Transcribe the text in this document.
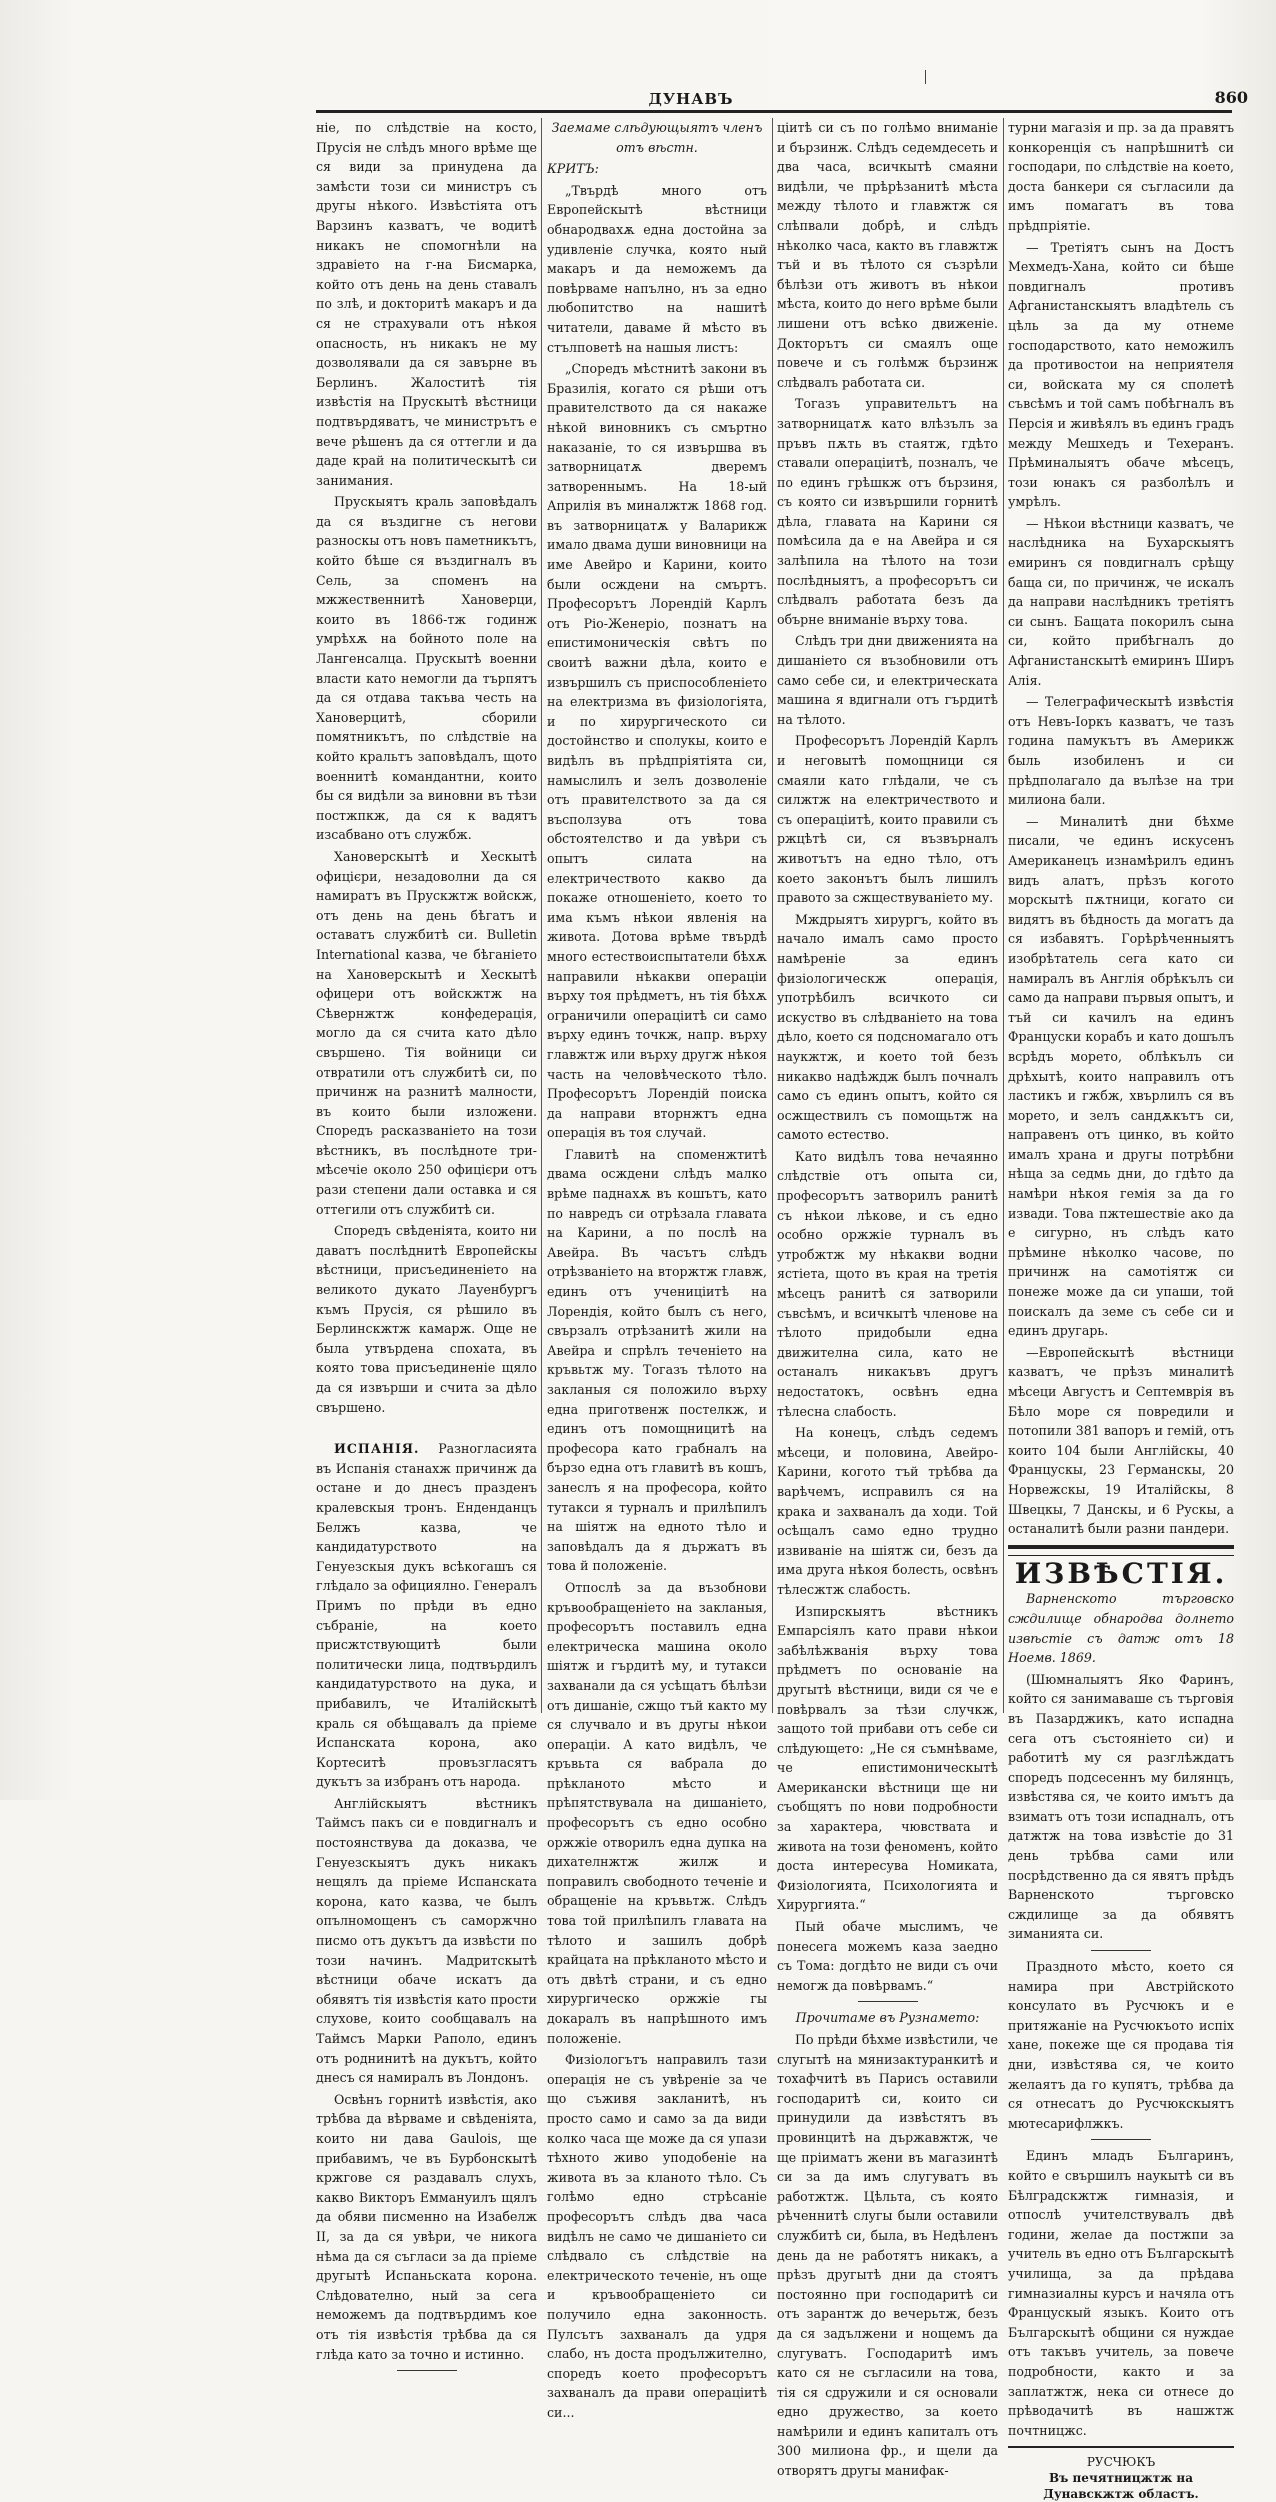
ДУНАВЪ	860

ніе, по слѣдствіе на косто, Прусія не слѣдъ много врѣме ще ся види за принудена да замѣсти този си министръ съ другы нѣкого. Извѣстіята отъ Варзинъ казватъ, че водитѣ никакъ не спомогнѣли на здравіето на г-на Бисмарка, който отъ день на день ставалъ по злѣ, и докторитѣ макаръ и да ся не страхували отъ нѣкоя опасность, нъ никакъ не му дозволявали да ся завърне въ Берлинъ. Жалоститѣ тія извѣстія на Прускытѣ вѣстници подтвърдяватъ, че министрътъ е вече рѣшенъ да ся оттегли и да даде край на политическытѣ си занимания.

Прускыятъ краль заповѣдалъ да ся въздигне съ негови разноскы отъ новъ паметникътъ, който бѣше ся въздигналъ въ Сель, за споменъ на мжжественнитѣ Хановерци, които въ 1866-тж годинж умрѣхѫ на бойното поле на Лангенсалца. Прускытѣ военни власти като немогли да търпятъ да ся отдава такъва честь на Хановерцитѣ, сборили помятникътъ, по слѣдствіе на който кральтъ заповѣдалъ, щото военнитѣ командантни, които бы ся видѣли за виновни въ тѣзи постжпкж, да ся к вадятъ изсабвано отъ службж.

Хановерскытѣ и Хескытѣ офицієри, незадоволни да ся намиратъ въ Прускжтж войскж, отъ день на день бѣгатъ и оставатъ службитѣ си. Bulletin International казва, че бѣганіето на Хановерскытѣ и Хескытѣ офицери отъ войскжтж на Сѣвернжтж конфедерація, могло да ся счита като дѣло свършено. Тія войници си отвратили отъ службитѣ си, по причинж на разнитѣ малности, въ които были изложени. Споредъ расказваніето на този вѣстникъ, въ послѣдноте три-мѣсечіе около 250 офицієри отъ рази степени дали оставка и ся оттегили отъ службитѣ си.

Споредъ свѣденіята, които ни даватъ послѣднитѣ Европейскы вѣстници, присъединеніето на великото дукато Лауенбургъ къмъ Прусія, ся рѣшило въ Берлинскжтж камарж. Още не была утвърдена спохата, въ която това присъединеніе щяло да ся извърши и счита за дѣло свършено.

ИСПАНІЯ. Разногласията въ Испанія станахж причинж да остане и до днесъ празденъ кралевскыя тронъ. Енденданцъ Белжъ казва, че кандидатурството на Генуезскыя дукъ всѣкогашъ ся глѣдало за официялно. Генералъ Примъ по прѣди въ едно събраніе, на което присжтствующитѣ были политически лица, подтвърдилъ кандидатурството на дука, и прибавилъ, че Италійскытѣ краль ся обѣщавалъ да пріеме Испанската корона, ако Кортеситѣ провъзгласятъ дукътъ за избранъ отъ народа.

Англійскыятъ вѣстникъ Таймсъ пакъ си е повдигналъ и постоянствува да доказва, че Генуезскыятъ дукъ никакъ нещялъ да пріеме Испанската корона, като казва, че былъ опълномощенъ съ саморжчно писмо отъ дукътъ да извѣсти по този начинъ. Мадритскытѣ вѣстници обаче искатъ да обявятъ тія извѣстія като прости слухове, които сообщавалъ на Таймсъ Марки Раполо, единъ отъ роднинитѣ на дукътъ, който днесъ ся намиралъ въ Лондонъ.

Освѣнъ горнитѣ извѣстія, ако трѣбва да вѣрваме и свѣденіята, които ни дава Gaulois, ще прибавимъ, че въ Бурбонскытѣ кржгове ся раздавалъ слухъ, какво Викторъ Еммануилъ щялъ да обяви писменно на Изабелж II, за да ся увѣри, че никога нѣма да ся съгласи за да пріеме другытѣ Испаньската корона. Слѣдователно, ный за сега неможемъ да подтвърдимъ кое отъ тія извѣстія трѣбва да ся глѣда като за точно и истинно.

Заемаме слѣдующыятъ членъ отъ вѣстн.

КРИТЪ:

„Твърдѣ много отъ Европейскытѣ вѣстници обнародвахѫ една достойна за удивленіе случка, която ный макаръ и да неможемъ да повѣрваме напълно, нъ за едно любопитство на нашитѣ читатели, даваме й мѣсто въ стълповетѣ на нашыя листъ:

„Споредъ мѣстнитѣ закони въ Бразилія, когато ся рѣши отъ правителството да ся накаже нѣкой виновникъ съ смъртно наказаніе, то ся извършва въ затворницатѫ дверемъ затвореннымъ. На 18-ый Априлія въ миналжтж 1868 год. въ затворницатѫ у Валарикж имало двама души виновници на име Авейро и Карини, които были осждени на смъртъ. Професорътъ Лорендій Карлъ отъ Ріо-Женеріо, познатъ на епистимоническія свѣтъ по своитѣ важни дѣла, които е извършилъ съ приспособленіето на електризма въ физіологіята, и по хирургическото си достойнство и сполукы, които е видѣлъ въ прѣдпріятіята си, намыслилъ и зелъ дозволеніе отъ правителството за да ся въсползува отъ това обстоятелство и да увѣри съ опытъ силата на електричеството какво да покаже отношеніето, което то има къмъ нѣкои явленія на живота. Дотова врѣме твърдѣ много естествоиспытатели бѣхѫ направили нѣкакви операціи върху тоя прѣдметъ, нъ тія бѣхѫ ограничили операціитѣ си само върху единъ точкж, напр. върху главжтж или върху другж нѣкоя часть на человѣческото тѣло. Професорътъ Лорендій поиска да направи вторнжтъ една операція въ тоя случай.

Главитѣ на споменжтитѣ двама осждени слѣдъ малко врѣме паднахѫ въ кошътъ, като по навредъ си отрѣзала главата на Карини, а по послѣ на Авейра. Въ часътъ слѣдъ отрѣзваніето на вторжтж главж, единъ отъ учениціитѣ на Лорендія, който былъ съ него, свързалъ отрѣзанитѣ жили на Авейра и спрѣлъ теченіето на кръвьтж му. Тогазъ тѣлото на закланыя ся положило върху една приготвенж постелкж, и единъ отъ помощницитѣ на професора като грабналъ на бързо една отъ главитѣ въ кошъ, занеслъ я на професора, който тутакси я турналъ и прилѣпилъ на шіятж на едното тѣло и заповѣдалъ да я държатъ въ това й положеніе.

Отпослѣ за да възобнови кръвообращеніето на закланыя, професорътъ поставилъ една електрическа машина около шіятж и гърдитѣ му, и тутакси захванали да ся усѣщатъ бѣлѣзи отъ дишаніе, сжщо тъй както му ся случвало и въ другы нѣкои операціи. А като видѣлъ, че кръвьта ся вабрала до прѣкланото мѣсто и прѣпятствувала на дишаніето, професорътъ съ едно особно оржжіе отворилъ една дупка на дихателнжтж жилж и поправилъ свободното теченіе и обращеніе на кръвьтж. Слѣдъ това той прилѣпилъ главата на тѣлото и зашилъ добрѣ крайцата на прѣкланото мѣсто и отъ двѣтѣ страни, и съ едно хирургическо оржжіе гы докаралъ въ напрѣшното имъ положеніе.

Физіологътъ направилъ тази операція не съ увѣреніе за че що съживя закланитѣ, нъ просто само и само за да види колко часа ще може да ся упази тѣхното живо уподобеніе на живота въ за кланото тѣло. Съ голѣмо едно стрѣсаніе професорътъ слѣдъ два часа видѣлъ не само че дишаніето си слѣдвало съ слѣдствіе на електрическото теченіе, нъ още и кръвообращеніето си получило една законность. Пулсътъ захваналъ да удря слабо, нъ доста продължително, споредъ което професорътъ захваналъ да прави операціитѣ си...

ціитѣ си съ по голѣмо вниманіе и бързинж. Слѣдъ седемдесеть и два часа, всичкытѣ смаяни видѣли, че прѣрѣзанитѣ мѣста между тѣлото и главжтж ся слѣпвали добрѣ, и слѣдъ нѣколко часа, както въ главжтж тъй и въ тѣлото ся съзрѣли бѣлѣзи отъ животъ въ нѣкои мѣста, които до него врѣме были лишени отъ всѣко движеніе. Докторътъ си смаялъ още повече и съ голѣмж бързинж слѣдвалъ работата си.

Тогазъ управительтъ на затворницатѫ като влѣзълъ за пръвъ пѫть въ стаятж, гдѣто ставали операціитѣ, позналъ, че по единъ грѣшкж отъ бързиня, съ която си извършили горнитѣ дѣла, главата на Карини ся помѣсила да е на Авейра и ся залѣпила на тѣлото на този послѣдныятъ, а професорътъ си слѣдвалъ работата безъ да обърне вниманіе върху това.

Слѣдъ три дни движенията на дишаніето ся възобновили отъ само себе си, и електрическата машина я вдигнали отъ гърдитѣ на тѣлото.

Професорътъ Лорендій Карлъ и неговытѣ помощници ся смаяли като глѣдали, че съ силжтж на електричеството и съ операціитѣ, които правили съ ржцѣтѣ си, ся възвърналъ животътъ на едно тѣло, отъ което законътъ былъ лишилъ правото за сжществуваніето му.

Мждрыятъ хирургъ, който въ начало ималъ само просто намѣреніе за единъ физіологическж операція, употрѣбилъ всичкото си искуство въ слѣдваніето на това дѣло, което ся подсномагало отъ наукжтж, и което той безъ никакво надѣждж былъ почналъ само съ единъ опытъ, който ся осжществилъ съ помощьтж на самото естество.

Като видѣлъ това нечаянно слѣдствіе отъ опыта си, професорътъ затворилъ ранитѣ съ нѣкои лѣкове, и съ едно особно оржжіе турналъ въ утробжтж му нѣкакви водни ястіета, щото въ края на третія мѣсецъ ранитѣ ся затворили съвсѣмъ, и всичкытѣ членове на тѣлото придобыли една движителна сила, като не останалъ никакъвъ другъ недостатокъ, освѣнъ една тѣлесна слабость.

На конецъ, слѣдъ седемъ мѣсеци, и половина, Авейро-Карини, когото тъй трѣбва да варѣчемъ, исправилъ ся на крака и захваналъ да ходи. Той осѣщалъ само едно трудно извиваніе на шіятж си, безъ да има друга нѣкоя болесть, освѣнъ тѣлесжтж слабость.

Изпирскыятъ вѣстникъ Емпарсіялъ като прави нѣкои забѣлѣжванія върху това прѣдметъ по основаніе на другытѣ вѣстници, види ся че е повѣрвалъ за тѣзи случкж, защото той прибави отъ себе си слѣдующето: „Не ся съмнѣваме, че епистимоническытѣ Американски вѣстници ще ни съобщятъ по нови подробности за характера, чювствата и живота на този феноменъ, който доста интересува Номиката, Физіологията, Психологията и Хирургията.“

Пый обаче мыслимъ, че понесега можемъ каза заедно съ Тома: догдѣто не види съ очи немогж да повѣрвамъ.“

Прочитаме въ Рузнамето:

По прѣди бѣхме извѣстили, че слугытѣ на мянизактуранкитѣ и тохафчитѣ въ Парисъ оставили господаритѣ си, които си принудили да извѣстятъ въ провинцитѣ на държавжтж, че ще пріиматъ жени въ магазинтѣ си за да имъ слугуватъ въ работжтж. Цѣльта, съ която рѣченнитѣ слугы были оставили службитѣ си, была, въ Недѣленъ день да не работятъ никакъ, а прѣзъ другытѣ дни да стоятъ постоянно при господаритѣ си отъ зарантж до вечерьтж, безъ да ся задължени и нощемъ да слугуватъ. Господаритѣ имъ като ся не съгласили на това, тія ся сдружили и ся основали едно дружество, за което намѣрили и единъ капиталъ отъ 300 милиона фр., и щели да отворятъ другы манифак-

турни магазія и пр. за да правятъ конкоренція съ напрѣшнитѣ си господари, по слѣдствіе на което, доста банкери ся съгласили да имъ помагатъ въ това прѣдпріятіе.

— Третіятъ сынъ на Достъ Мехмедъ-Хана, който си бѣше повдигналъ противъ Афганистанскыятъ владѣтель съ цѣль за да му отнеме господарството, като неможилъ да противостои на неприятеля си, войската му ся сполетѣ съвсѣмъ и той самъ побѣгналъ въ Персія и живѣялъ въ единъ градъ между Мешхедъ и Техеранъ. Прѣминалыятъ обаче мѣсецъ, този юнакъ ся разболѣлъ и умрѣлъ.

— Нѣкои вѣстници казватъ, че наслѣдника на Бухарскыятъ емиринъ ся повдигналъ срѣщу баща си, по причинж, че искалъ да направи наслѣдникъ третіятъ си сынъ. Бащата покорилъ сына си, който прибѣгналъ до Афганистанскытѣ емиринъ Ширъ Алія.

— Телеграфическытѣ извѣстія отъ Невъ-Іоркъ казватъ, че тазъ година памукътъ въ Америкж быль изобиленъ и си прѣдполагало да вълѣзе на три милиона бали.

— Миналитѣ дни бѣхме писали, че единъ искусенъ Американецъ изнамѣрилъ единъ видъ алатъ, прѣзъ когото морскытѣ пѫтници, когато си видятъ въ бѣдность да могатъ да ся избавятъ. Горѣрѣченныятъ изобрѣтатель сега като си намиралъ въ Англія обрѣкълъ си само да направи първыя опытъ, и тъй си качилъ на единъ Француски корабъ и като дошълъ всрѣдъ морето, облѣкълъ си дрѣхытѣ, които направилъ отъ ластикъ и гжбж, хвърлилъ ся въ морето, и зелъ сандѫкътъ си, направенъ отъ цинко, въ който ималъ храна и другы потрѣбни нѣща за седмь дни, до гдѣто да намѣри нѣкоя гемія за да го извади. Това пжтешествіе ако да е сигурно, нъ слѣдъ като прѣмине нѣколко часове, по причинж на самотіятж си понеже може да си упаши, той поискалъ да земе съ себе си и единъ другарь.

—Европейскытѣ вѣстници казватъ, че прѣзъ миналитѣ мѣсеци Августъ и Септемврія въ Бѣло море ся повредили и потопили 381 вапоръ и гемій, отъ които 104 были Англійскы, 40 Францускы, 23 Германскы, 20 Норвежскы, 19 Италійскы, 8 Швецкы, 7 Данскы, и 6 Рускы, а останалитѣ были разни пандери.

ИЗВѢСТІЯ.

Варненското търговско сждилище обнародва долнето извѣстіе съ датж отъ 18 Ноемв. 1869.

(Шюмналыятъ Яко Фаринъ, който ся занимаваше съ търговія въ Пазарджикъ, като испадна сега отъ състояніето си) и работитѣ му ся разглѣждатъ споредъ подсесеннъ му билянцъ, извѣстява ся, че които имътъ да взиматъ отъ този испадналъ, отъ датжтж на това извѣстіе до 31 день трѣбва сами или посрѣдственно да ся явятъ прѣдъ Варненското търговско сждилище за да обявятъ зиманията си.

Праздното мѣсто, което ся намира при Австрійското консулато въ Русчюкъ и е притяжаніе на Русчюкъото испіх хане, покеже ще ся продава тія дни, извѣстява ся, че които желаятъ да го купятъ, трѣбва да ся отнесатъ до Русчюкскыятъ мютесарифлжкъ.

Единъ младъ Българинъ, който е свършилъ наукытѣ си въ Бѣлградскжтж гимназія, и отпослѣ учителствувалъ двѣ години, желае да постжпи за учитель въ едно отъ Българскытѣ училища, за да прѣдава гимназиалны курсъ и начяла отъ Францускый языкъ. Които отъ Българскытѣ общини ся нуждае отъ такъвъ учитель, за повече подробности, както и за заплатжтж, нека си отнесе до прѣводачитѣ въ нашжтж почтницжс.

РУСЧЮКЪ
Въ печятницжтж на Дунавскжтж областъ.
